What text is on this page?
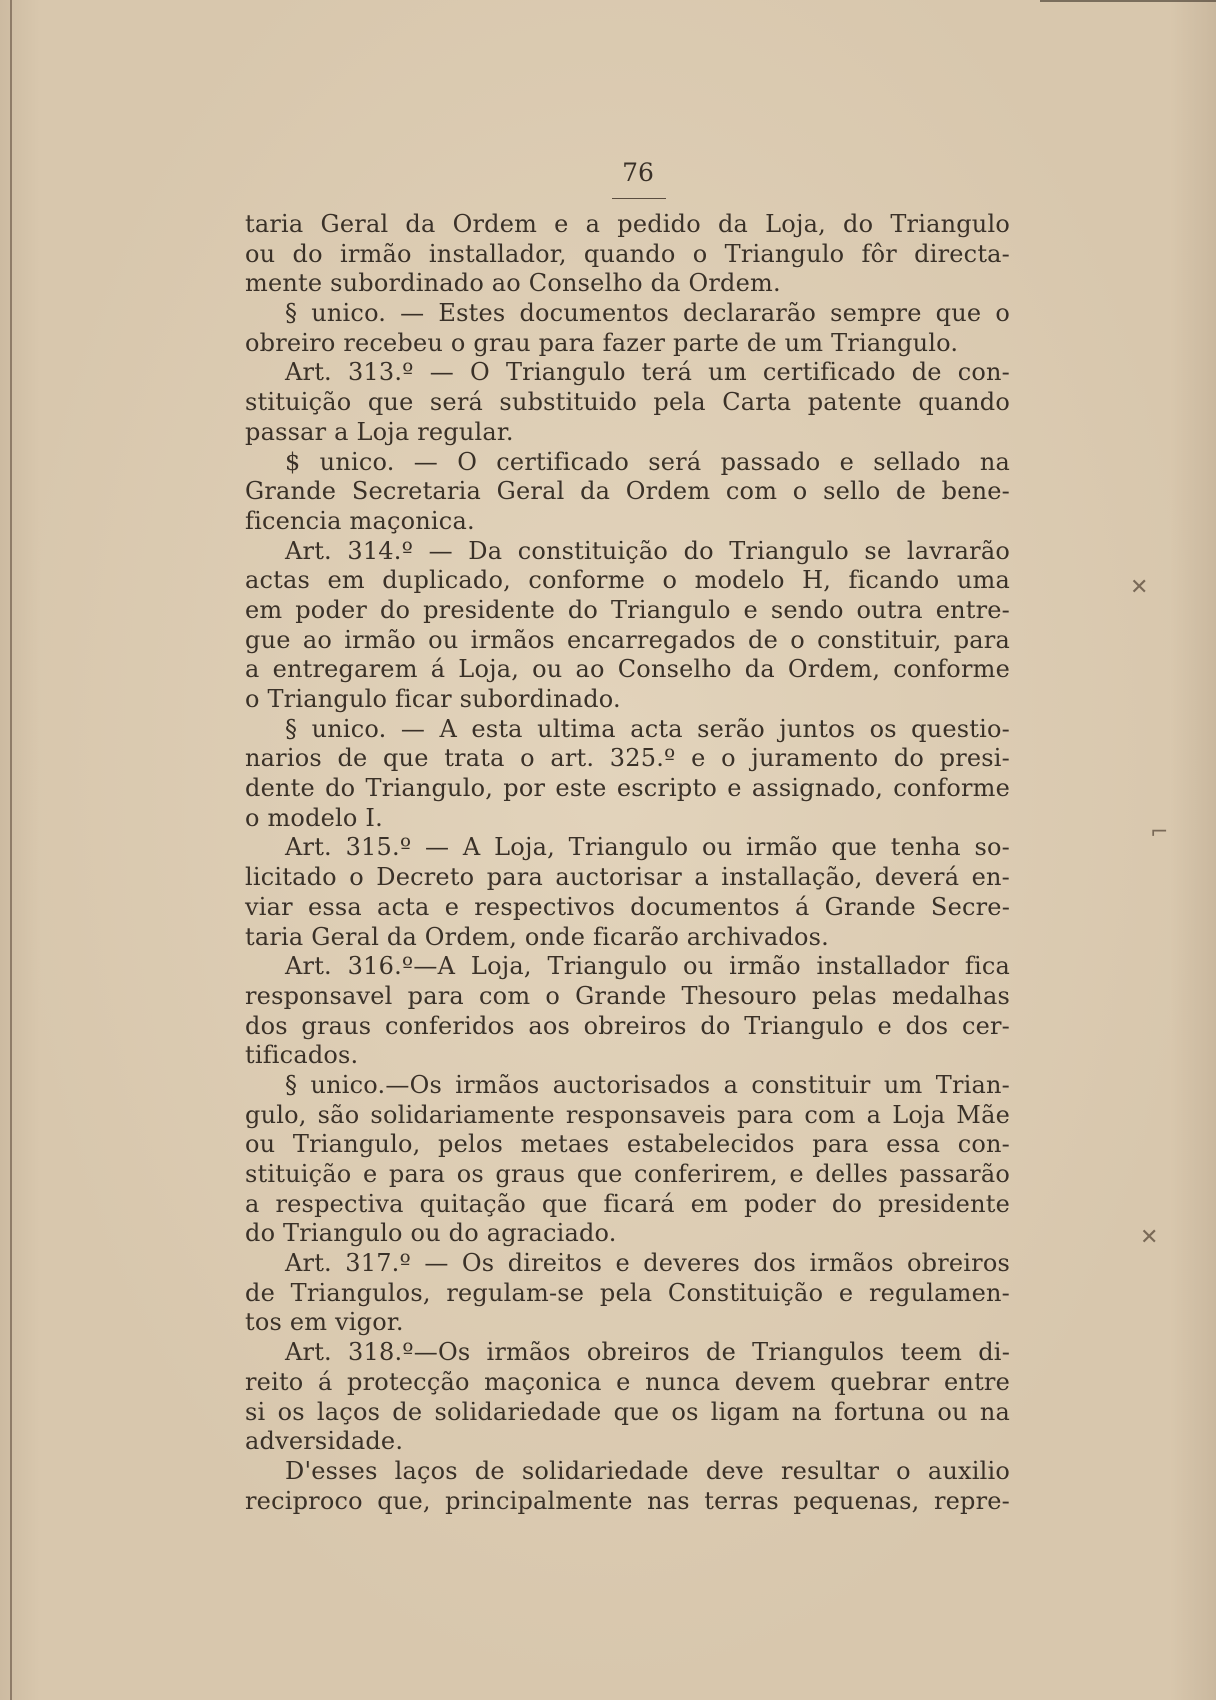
76
taria Geral da Ordem e a pedido da Loja, do Triangulo
ou do irmão installador, quando o Triangulo fôr directa-
mente subordinado ao Conselho da Ordem.
§ unico. — Estes documentos declararão sempre que o
obreiro recebeu o grau para fazer parte de um Triangulo.
Art. 313.º — O Triangulo terá um certificado de con-
stituição que será substituido pela Carta patente quando
passar a Loja regular.
$ unico. — O certificado será passado e sellado na
Grande Secretaria Geral da Ordem com o sello de bene-
ficencia maçonica.
Art. 314.º — Da constituição do Triangulo se lavrarão
actas em duplicado, conforme o modelo H, ficando uma
em poder do presidente do Triangulo e sendo outra entre-
gue ao irmão ou irmãos encarregados de o constituir, para
a entregarem á Loja, ou ao Conselho da Ordem, conforme
o Triangulo ficar subordinado.
§ unico. — A esta ultima acta serão juntos os questio-
narios de que trata o art. 325.º e o juramento do presi-
dente do Triangulo, por este escripto e assignado, conforme
o modelo I.
Art. 315.º — A Loja, Triangulo ou irmão que tenha so-
licitado o Decreto para auctorisar a installação, deverá en-
viar essa acta e respectivos documentos á Grande Secre-
taria Geral da Ordem, onde ficarão archivados.
Art. 316.º—A Loja, Triangulo ou irmão installador fica
responsavel para com o Grande Thesouro pelas medalhas
dos graus conferidos aos obreiros do Triangulo e dos cer-
tificados.
§ unico.—Os irmãos auctorisados a constituir um Trian-
gulo, são solidariamente responsaveis para com a Loja Mãe
ou Triangulo, pelos metaes estabelecidos para essa con-
stituição e para os graus que conferirem, e delles passarão
a respectiva quitação que ficará em poder do presidente
do Triangulo ou do agraciado.
Art. 317.º — Os direitos e deveres dos irmãos obreiros
de Triangulos, regulam-se pela Constituição e regulamen-
tos em vigor.
Art. 318.º—Os irmãos obreiros de Triangulos teem di-
reito á protecção maçonica e nunca devem quebrar entre
si os laços de solidariedade que os ligam na fortuna ou na
adversidade.
D'esses laços de solidariedade deve resultar o auxilio
reciproco que, principalmente nas terras pequenas, repre-
✕
⌐
✕
